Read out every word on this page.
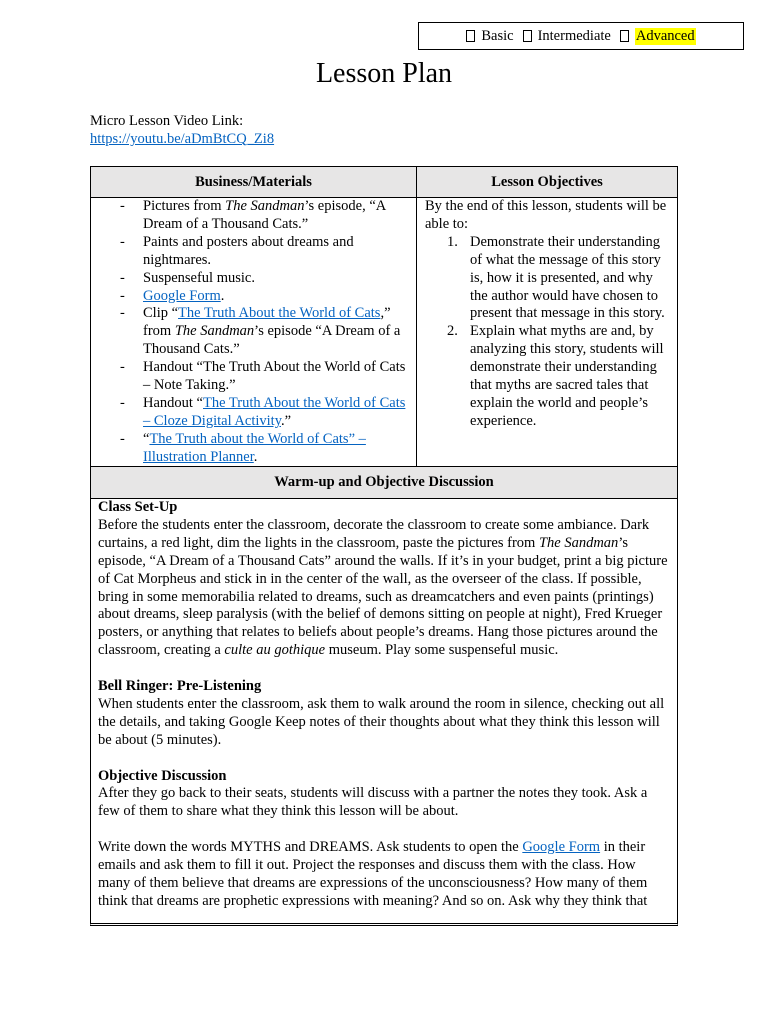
Basic Intermediate Advanced
Lesson Plan
Micro Lesson Video Link:
https://youtu.be/aDmBtCQ_Zi8
Business/Materials	Lesson Objectives
- Pictures from The Sandman’s episode, “A Dream of a Thousand Cats.”
- Paints and posters about dreams and nightmares.
- Suspenseful music.
- Google Form.
- Clip “The Truth About the World of Cats,” from The Sandman’s episode “A Dream of a Thousand Cats.”
- Handout “The Truth About the World of Cats – Note Taking.”
- Handout “The Truth About the World of Cats – Cloze Digital Activity.”
- “The Truth about the World of Cats” – Illustration Planner.
By the end of this lesson, students will be able to:
1. Demonstrate their understanding of what the message of this story is, how it is presented, and why the author would have chosen to present that message in this story.
2. Explain what myths are and, by analyzing this story, students will demonstrate their understanding that myths are sacred tales that explain the world and people’s experience.
Warm-up and Objective Discussion

Class Set-Up

Before the students enter the classroom, decorate the classroom to create some ambiance. Dark curtains, a red light, dim the lights in the classroom, paste the pictures from The Sandman’s episode, “A Dream of a Thousand Cats” around the walls. If it’s in your budget, print a big picture of Cat Morpheus and stick in in the center of the wall, as the overseer of the class. If possible, bring in some memorabilia related to dreams, such as dreamcatchers and even paints (printings) about dreams, sleep paralysis (with the belief of demons sitting on people at night), Fred Krueger posters, or anything that relates to beliefs about people’s dreams. Hang those pictures around the classroom, creating a culte au gothique museum. Play some suspenseful music.

Bell Ringer: Pre-Listening

When students enter the classroom, ask them to walk around the room in silence, checking out all the details, and taking Google Keep notes of their thoughts about what they think this lesson will be about (5 minutes).

Objective Discussion

After they go back to their seats, students will discuss with a partner the notes they took. Ask a few of them to share what they think this lesson will be about.

Write down the words MYTHS and DREAMS. Ask students to open the Google Form in their emails and ask them to fill it out. Project the responses and discuss them with the class. How many of them believe that dreams are expressions of the unconsciousness? How many of them think that dreams are prophetic expressions with meaning? And so on. Ask why they think that
